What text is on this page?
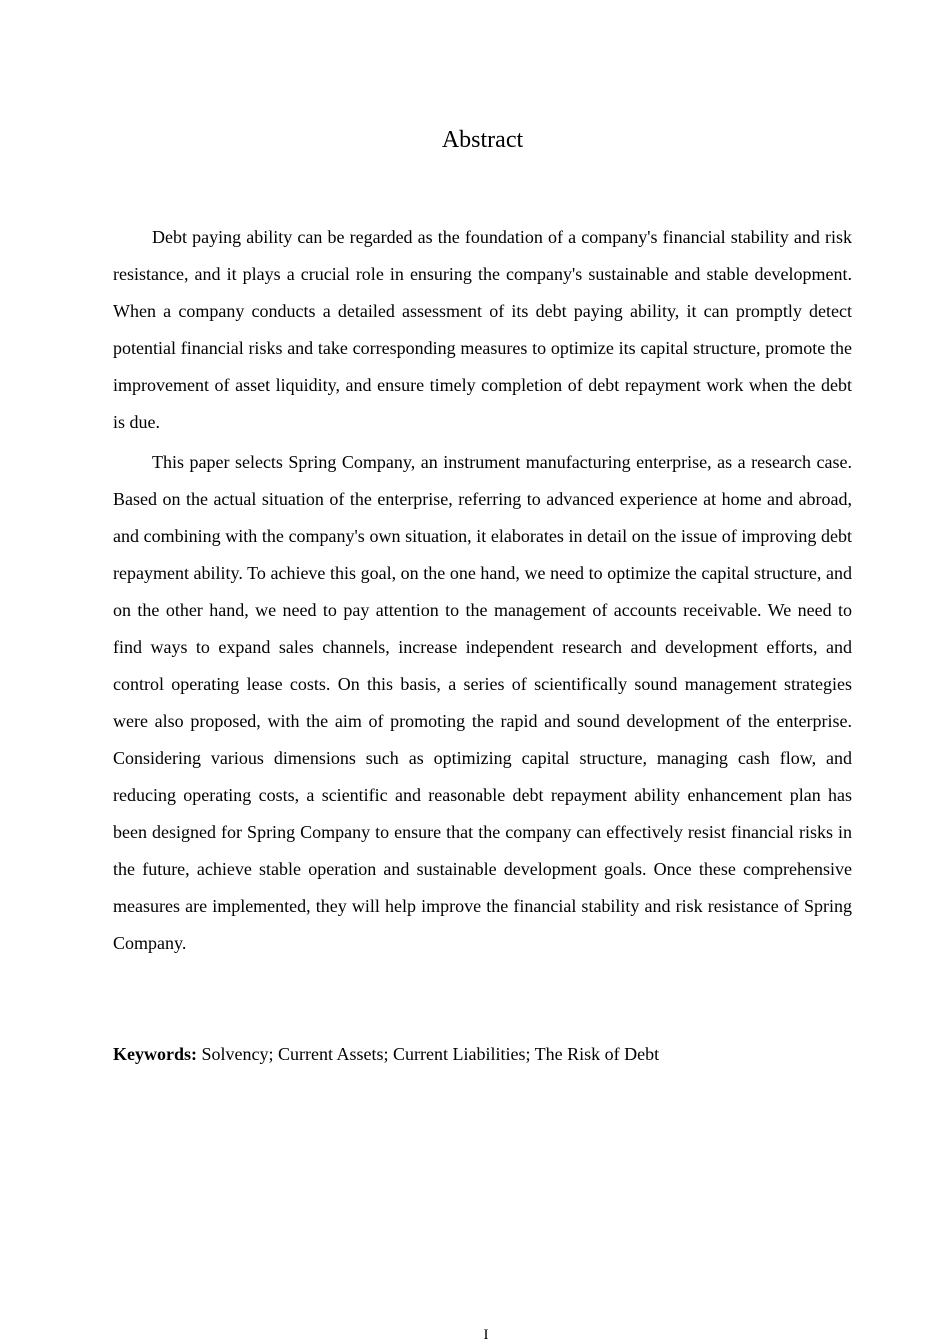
Abstract

Debt paying ability can be regarded as the foundation of a company's financial stability and risk resistance, and it plays a crucial role in ensuring the company's sustainable and stable development. When a company conducts a detailed assessment of its debt paying ability, it can promptly detect potential financial risks and take corresponding measures to optimize its capital structure, promote the improvement of asset liquidity, and ensure timely completion of debt repayment work when the debt is due.

This paper selects Spring Company, an instrument manufacturing enterprise, as a research case. Based on the actual situation of the enterprise, referring to advanced experience at home and abroad, and combining with the company's own situation, it elaborates in detail on the issue of improving debt repayment ability. To achieve this goal, on the one hand, we need to optimize the capital structure, and on the other hand, we need to pay attention to the management of accounts receivable. We need to find ways to expand sales channels, increase independent research and development efforts, and control operating lease costs. On this basis, a series of scientifically sound management strategies were also proposed, with the aim of promoting the rapid and sound development of the enterprise. Considering various dimensions such as optimizing capital structure, managing cash flow, and reducing operating costs, a scientific and reasonable debt repayment ability enhancement plan has been designed for Spring Company to ensure that the company can effectively resist financial risks in the future, achieve stable operation and sustainable development goals. Once these comprehensive measures are implemented, they will help improve the financial stability and risk resistance of Spring Company.

Keywords: Solvency; Current Assets; Current Liabilities; The Risk of Debt

I
